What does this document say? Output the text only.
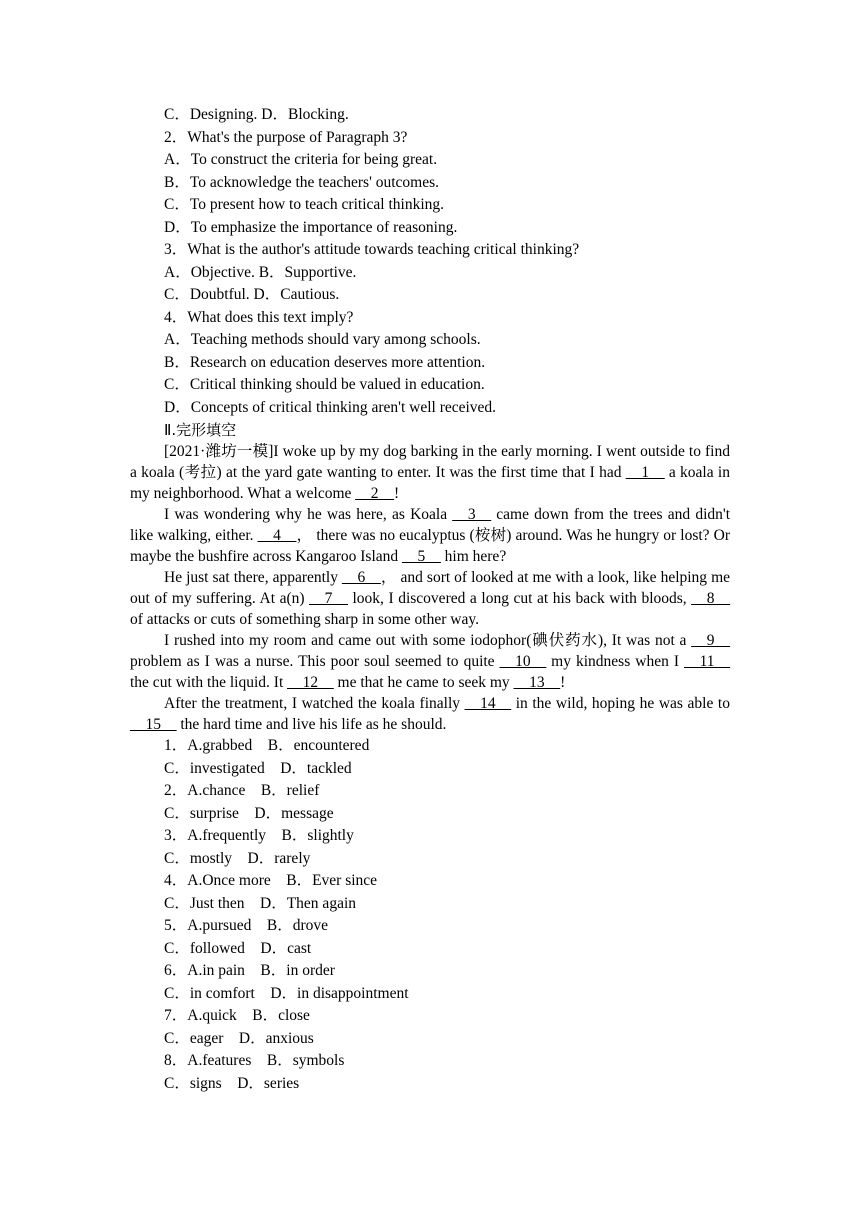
C．Designing. D．Blocking.
2．What's the purpose of Paragraph 3?
A．To construct the criteria for being great.
B．To acknowledge the teachers' outcomes.
C．To present how to teach critical thinking.
D．To emphasize the importance of reasoning.
3．What is the author's attitude towards teaching critical thinking?
A．Objective. B．Supportive.
C．Doubtful. D．Cautious.
4．What does this text imply?
A．Teaching methods should vary among schools.
B．Research on education deserves more attention.
C．Critical thinking should be valued in education.
D．Concepts of critical thinking aren't well received.
Ⅱ.完形填空

[2021·潍坊一模]I woke up by my dog barking in the early morning. I went outside to find a koala (考拉) at the yard gate wanting to enter. It was the first time that I had __1__ a koala in my neighborhood. What a welcome __2__!

I was wondering why he was here, as Koala __3__ came down from the trees and didn't like walking, either. __4__， there was no eucalyptus (桉树) around. Was he hungry or lost? Or maybe the bushfire across Kangaroo Island __5__ him here?

He just sat there, apparently __6__， and sort of looked at me with a look, like helping me out of my suffering. At a(n) __7__ look, I discovered a long cut at his back with bloods, __8__ of attacks or cuts of something sharp in some other way.

I rushed into my room and came out with some iodophor(碘伏药水), It was not a __9__ problem as I was a nurse. This poor soul seemed to quite __10__ my kindness when I __11__ the cut with the liquid. It __12__ me that he came to seek my __13__!

After the treatment, I watched the koala finally __14__ in the wild, hoping he was able to __15__ the hard time and live his life as he should.

1．A.grabbed    B．encountered
C．investigated    D．tackled
2．A.chance    B．relief
C．surprise    D．message
3．A.frequently    B．slightly
C．mostly    D．rarely
4．A.Once more    B．Ever since
C．Just then    D．Then again
5．A.pursued    B．drove
C．followed    D．cast
6．A.in pain    B．in order
C．in comfort    D．in disappointment
7．A.quick    B．close
C．eager    D．anxious
8．A.features    B．symbols
C．signs    D．series
